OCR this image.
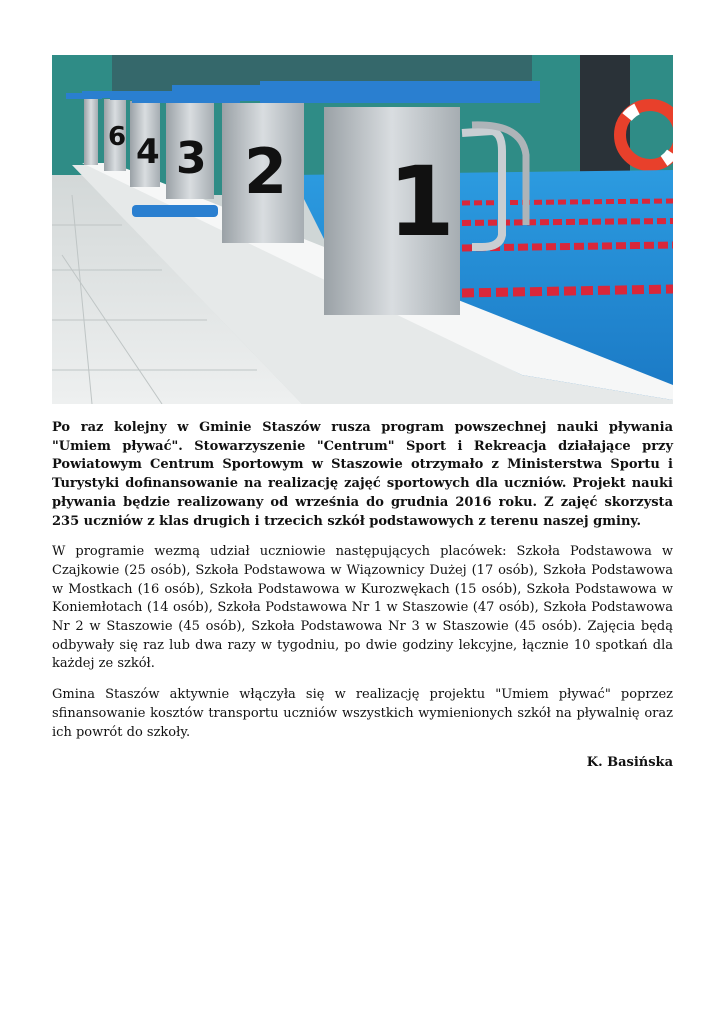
6 4 3 2 1

Po raz kolejny w Gminie Staszów rusza program powszechnej nauki pływania "Umiem pływać". Stowarzyszenie "Centrum" Sport i Rekreacja działające przy Powiatowym Centrum Sportowym w Staszowie otrzymało z Ministerstwa Sportu i Turystyki dofinansowanie na realizację zajęć sportowych dla uczniów. Projekt nauki pływania będzie realizowany od września do grudnia 2016 roku. Z zajęć skorzysta 235 uczniów z klas drugich i trzecich szkół podstawowych z terenu naszej gminy.

W programie wezmą udział uczniowie następujących placówek: Szkoła Podstawowa w Czajkowie (25 osób), Szkoła Podstawowa w Wiązownicy Dużej (17 osób), Szkoła Podstawowa w Mostkach (16 osób), Szkoła Podstawowa w Kurozwękach (15 osób), Szkoła Podstawowa w Koniemłotach (14 osób), Szkoła Podstawowa Nr 1 w Staszowie (47 osób), Szkoła Podstawowa Nr 2 w Staszowie (45 osób), Szkoła Podstawowa Nr 3 w Staszowie (45 osób). Zajęcia będą odbywały się raz lub dwa razy w tygodniu, po dwie godziny lekcyjne, łącznie 10 spotkań dla każdej ze szkół.

Gmina Staszów aktywnie włączyła się w realizację projektu "Umiem pływać" poprzez sfinansowanie kosztów transportu uczniów wszystkich wymienionych szkół na pływalnię oraz ich powrót do szkoły.

K. Basińska
